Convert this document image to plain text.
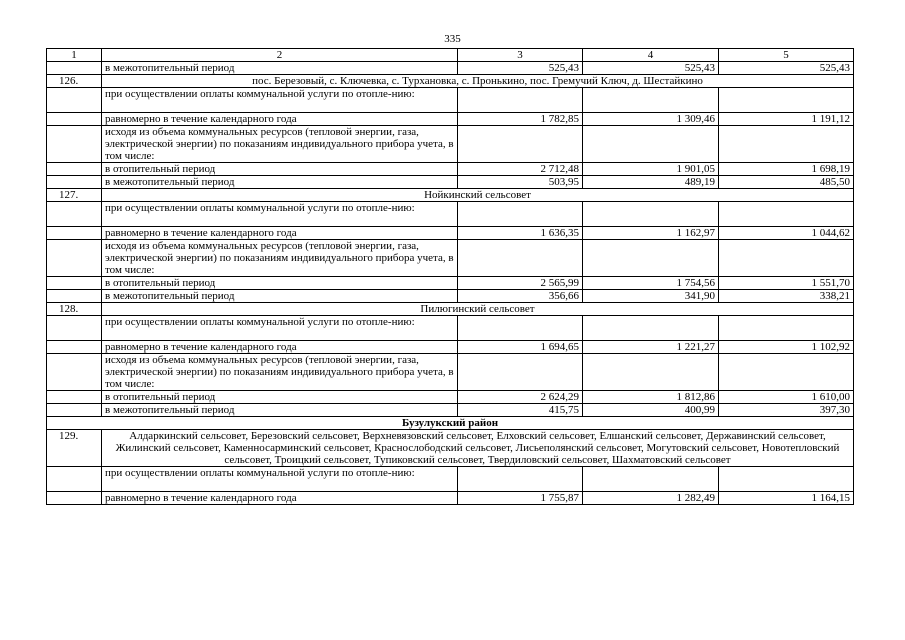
335
1	2	3	4	5
	в межотопительный период	525,43	525,43	525,43
126.	пос. Березовый, с. Ключевка, с. Турхановка, с. Пронькино, пос. Гремучий Ключ, д. Шестайкино			
	при осуществлении оплаты коммунальной услуги по отопле-нию:			
	равномерно в течение календарного года	1 782,85	1 309,46	1 191,12
	исходя из объема коммунальных ресурсов (тепловой энергии, газа, электрической энергии) по показаниям индивидуального прибора учета, в том числе:			
	в отопительный период	2 712,48	1 901,05	1 698,19
	в межотопительный период	503,95	489,19	485,50
127.	Нойкинский сельсовет			
	при осуществлении оплаты коммунальной услуги по отопле-нию:			
	равномерно в течение календарного года	1 636,35	1 162,97	1 044,62
	исходя из объема коммунальных ресурсов (тепловой энергии, газа, электрической энергии) по показаниям индивидуального прибора учета, в том числе:			
	в отопительный период	2 565,99	1 754,56	1 551,70
	в межотопительный период	356,66	341,90	338,21
128.	Пилюгинский сельсовет			
	при осуществлении оплаты коммунальной услуги по отопле-нию:			
	равномерно в течение календарного года	1 694,65	1 221,27	1 102,92
	исходя из объема коммунальных ресурсов (тепловой энергии, газа, электрической энергии) по показаниям индивидуального прибора учета, в том числе:			
	в отопительный период	2 624,29	1 812,86	1 610,00
	в межотопительный период	415,75	400,99	397,30
Бузулукский район				
129.	Алдаркинский сельсовет, Березовский сельсовет, Верхневязовский сельсовет, Елховский сельсовет, Елшанский сельсовет, Державинский сельсовет, Жилинский сельсовет, Каменносарминский сельсовет, Краснослободский сельсовет, Лисьеполянский сельсовет, Могутовский сельсовет, Новотепловский сельсовет, Троицкий сельсовет, Тупиковский сельсовет, Твердиловский сельсовет, Шахматовский сельсовет			
	при осуществлении оплаты коммунальной услуги по отопле-нию:			
	равномерно в течение календарного года	1 755,87	1 282,49	1 164,15
